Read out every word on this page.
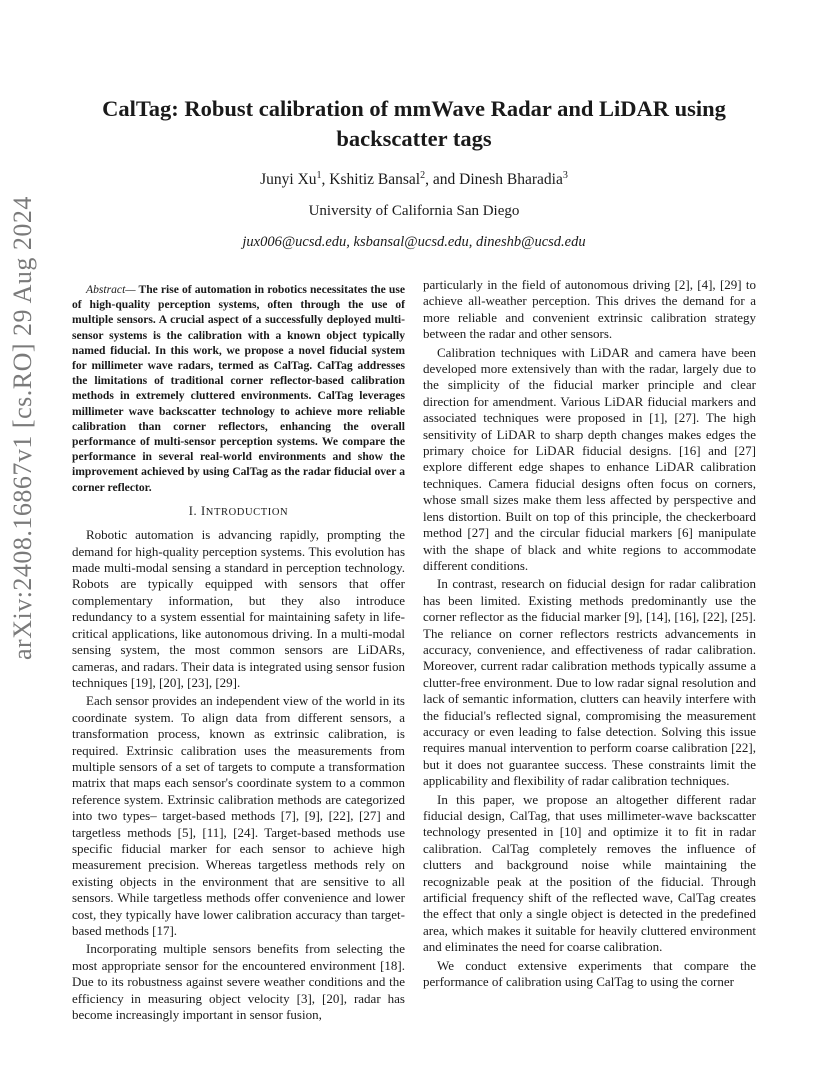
arXiv:2408.16867v1 [cs.RO] 29 Aug 2024
CalTag: Robust calibration of mmWave Radar and LiDAR using backscatter tags
Junyi Xu$^1$, Kshitiz Bansal$^2$, and Dinesh Bharadia$^3$
University of California San Diego
jux006@ucsd.edu, ksbansal@ucsd.edu, dineshb@ucsd.edu

Abstract— The rise of automation in robotics necessitates the use of high-quality perception systems, often through the use of multiple sensors. A crucial aspect of a successfully deployed multi-sensor systems is the calibration with a known object typically named fiducial. In this work, we propose a novel fiducial system for millimeter wave radars, termed as CalTag. CalTag addresses the limitations of traditional corner reflector-based calibration methods in extremely cluttered environments. CalTag leverages millimeter wave backscatter technology to achieve more reliable calibration than corner reflectors, enhancing the overall performance of multi-sensor perception systems. We compare the performance in several real-world environments and show the improvement achieved by using CalTag as the radar fiducial over a corner reflector.

I. INTRODUCTION

Robotic automation is advancing rapidly, prompting the demand for high-quality perception systems. This evolution has made multi-modal sensing a standard in perception technology. Robots are typically equipped with sensors that offer complementary information, but they also introduce redundancy to a system essential for maintaining safety in life-critical applications, like autonomous driving. In a multi-modal sensing system, the most common sensors are LiDARs, cameras, and radars. Their data is integrated using sensor fusion techniques [19], [20], [23], [29].

Each sensor provides an independent view of the world in its coordinate system. To align data from different sensors, a transformation process, known as extrinsic calibration, is required. Extrinsic calibration uses the measurements from multiple sensors of a set of targets to compute a transformation matrix that maps each sensor's coordinate system to a common reference system. Extrinsic calibration methods are categorized into two types– target-based methods [7], [9], [22], [27] and targetless methods [5], [11], [24]. Target-based methods use specific fiducial marker for each sensor to achieve high measurement precision. Whereas targetless methods rely on existing objects in the environment that are sensitive to all sensors. While targetless methods offer convenience and lower cost, they typically have lower calibration accuracy than target-based methods [17].

Incorporating multiple sensors benefits from selecting the most appropriate sensor for the encountered environment [18]. Due to its robustness against severe weather conditions and the efficiency in measuring object velocity [3], [20], radar has become increasingly important in sensor fusion,

particularly in the field of autonomous driving [2], [4], [29] to achieve all-weather perception. This drives the demand for a more reliable and convenient extrinsic calibration strategy between the radar and other sensors.

Calibration techniques with LiDAR and camera have been developed more extensively than with the radar, largely due to the simplicity of the fiducial marker principle and clear direction for amendment. Various LiDAR fiducial markers and associated techniques were proposed in [1], [27]. The high sensitivity of LiDAR to sharp depth changes makes edges the primary choice for LiDAR fiducial designs. [16] and [27] explore different edge shapes to enhance LiDAR calibration techniques. Camera fiducial designs often focus on corners, whose small sizes make them less affected by perspective and lens distortion. Built on top of this principle, the checkerboard method [27] and the circular fiducial markers [6] manipulate with the shape of black and white regions to accommodate different conditions.

In contrast, research on fiducial design for radar calibration has been limited. Existing methods predominantly use the corner reflector as the fiducial marker [9], [14], [16], [22], [25]. The reliance on corner reflectors restricts advancements in accuracy, convenience, and effectiveness of radar calibration. Moreover, current radar calibration methods typically assume a clutter-free environment. Due to low radar signal resolution and lack of semantic information, clutters can heavily interfere with the fiducial's reflected signal, compromising the measurement accuracy or even leading to false detection. Solving this issue requires manual intervention to perform coarse calibration [22], but it does not guarantee success. These constraints limit the applicability and flexibility of radar calibration techniques.

In this paper, we propose an altogether different radar fiducial design, CalTag, that uses millimeter-wave backscatter technology presented in [10] and optimize it to fit in radar calibration. CalTag completely removes the influence of clutters and background noise while maintaining the recognizable peak at the position of the fiducial. Through artificial frequency shift of the reflected wave, CalTag creates the effect that only a single object is detected in the predefined area, which makes it suitable for heavily cluttered environment and eliminates the need for coarse calibration.

We conduct extensive experiments that compare the performance of calibration using CalTag to using the corner
